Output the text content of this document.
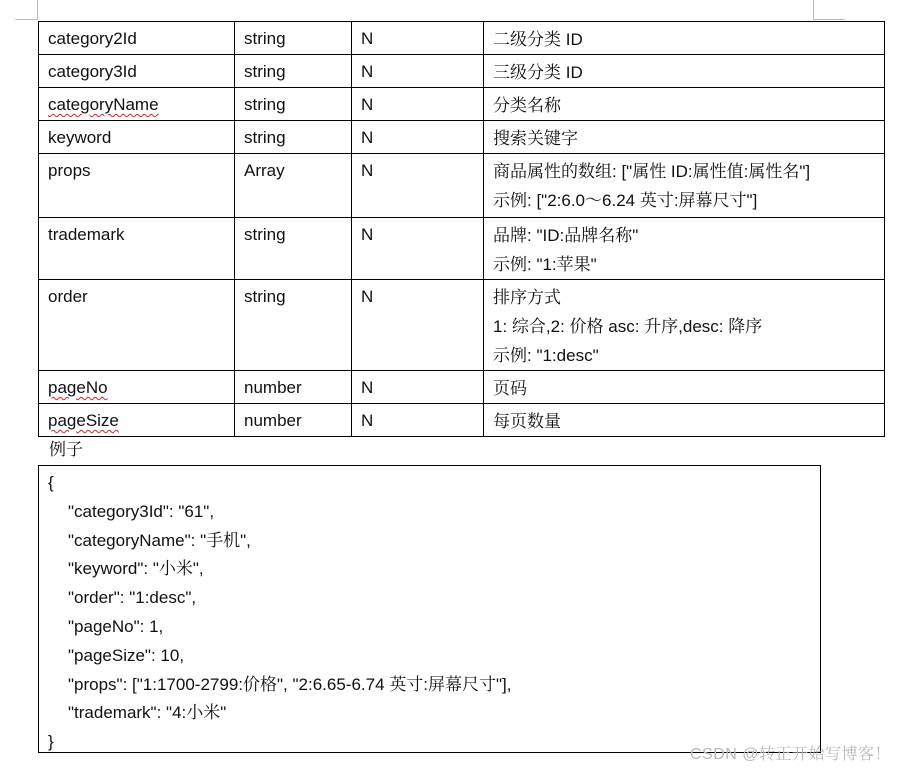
category2Id	string	N	二级分类 ID

category3Id	string	N	三级分类 ID

categoryName	string	N	分类名称

keyword	string	N	搜索关键字

props	Array	N	商品属性的数组: ["属性 ID:属性值:属性名"]
示例: ["2:6.0～6.24 英寸:屏幕尺寸"]

trademark	string	N	品牌: "ID:品牌名称"
示例: "1:苹果"

order	string	N	排序方式
1: 综合,2: 价格 asc: 升序,desc: 降序
示例: "1:desc"

pageNo	number	N	页码

pageSize	number	N	每页数量
例子
{
"category3Id": "61",
"categoryName": "手机",
"keyword": "小米",
"order": "1:desc",
"pageNo": 1,
"pageSize": 10,
"props": ["1:1700-2799:价格", "2:6.65-6.74 英寸:屏幕尺寸"],
"trademark": "4:小米"
}
CSDN @转正开始写博客！
